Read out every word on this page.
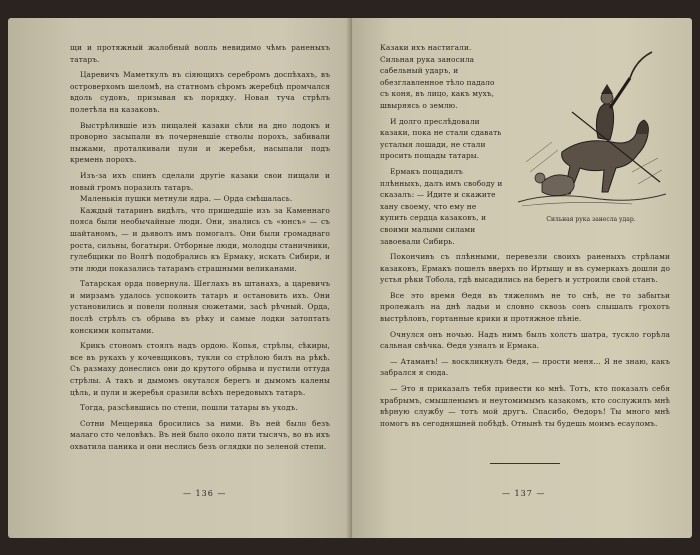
щи и протяжный жалобный вопль невидимо чѣмъ раненыхъ татаръ.

Царевичъ Маметкулъ въ сіяющихъ серебромъ доспѣхахъ, въ островерхомъ шеломѣ, на статномъ сѣромъ жеребцѣ промчался вдоль судовъ, призывая къ порядку. Новая туча стрѣлъ полетѣла на казаковъ.

Выстрѣлившіе изъ пищалей казаки сѣли на дно лодокъ и проворно засыпали въ почерневшіе стволы порохъ, забивали пыжами, проталкивали пули и жеребья, насыпали подъ кремень порохъ.

Изъ-за ихъ спинъ сделали другіе казаки свои пищали и новый громъ поразилъ татаръ.

Маленькія пушки метнули ядра. — Орда смѣшалась.

Каждый татаринъ видѣлъ, что пришедшіе изъ за Каменнаго пояса были необычайные люди. Они, знались съ «юнсъ» — съ шайтаномъ, — и дьяволъ имъ помогалъ. Они были громаднаго роста, сильны, богатыри. Отборные люди, молодцы станичники, гулебщики по Волгѣ подобрались къ Ермаку, искать Сибири, и эти люди показались татарамъ страшными великанами.

Татарская орда повернула. Шеглахъ въ штанахъ, а царевичъ и мирзамъ удалось успокоить татаръ и остановить ихъ. Они установились и повели полныя сюжетами, засѣ рѣчный. Орда, послѣ стрѣлъ съ обрыва въ рѣку и самые лодки затоптать конскими копытами.

Крикъ стономъ стоялъ надъ ордою. Копья, стрѣлы, сѣкиры, все въ рукахъ у кочевщиковъ, тукли со стрѣлою билъ на рѣкѣ. Съ размаху донеслись они до крутого обрыва и пустили оттуда стрѣлы. А такъ и дымомъ окутался берегъ и дымомъ калены цѣль, и пули и жеребья сразили всѣхъ передовыхъ татаръ.

Тогда, разсѣявшись по степи, пошли татары въ уходъ.

Сотни Мещеряка бросились за ними. Въ ней было безъ малаго сто человѣкъ. Въ ней было около пяти тысячъ, во въ ихъ охватила паника и они неслись безъ оглядки по зеленой степи.

— 136 —
Сильная рука занесла удар.

Казаки ихъ настигали. Сильная рука заносила сабельный ударъ, и обезглавленное тѣло падало съ коня, въ лицо, какъ мухъ, швыряясь о землю.

И долго преслѣдовали казаки, пока не стали сдавать усталыя лошади, не стали просить пощады татары.

Ермакъ пощадилъ плѣнныхъ, далъ имъ свободу и сказалъ: — Идите и скажите хану своему, что ему не купить сердца казаковъ, и своими малыми силами завоевали Сибирь.

Покончивъ съ плѣнными, перевезли своихъ раненыхъ стрѣлами казаковъ, Ермакъ пошелъ вверхъ по Иртышу и въ сумеркахъ дошли до устья рѣки Тобола, гдѣ высадились на берегъ и устроили свой станъ.

Все это время Ѳедя въ тяжеломъ не то снѣ, не то забытьи пролежалъ на днѣ ладьи и словно сквозь сонъ слышалъ грохотъ выстрѣловъ, гортанные крики и протяжное пѣніе.

Очнулся онъ ночью. Надъ нимъ былъ холстъ шатра, тускло горѣла сальная свѣчка. Ѳедя узналъ и Ермака.

— Атаманъ! — воскликнулъ Ѳедя, — прости меня... Я не знаю, какъ забрался я сюда.

— Это я приказалъ тебя привести ко мнѣ. Тотъ, кто показалъ себя храбрымъ, смышленымъ и неутомимымъ казакомъ, кто сослужилъ мнѣ вѣрную службу — тотъ мой другъ. Спасибо, Ѳедоръ! Ты много мнѣ помогъ въ сегодняшней побѣдѣ. Отнынѣ ты будешь моимъ есауломъ.

— 137 —
